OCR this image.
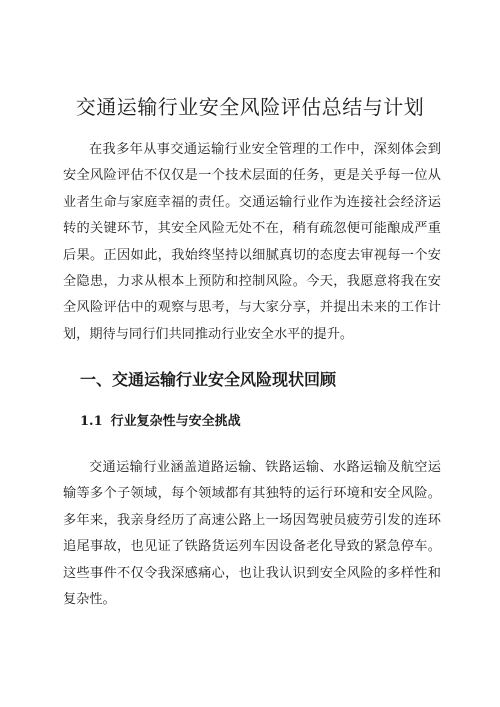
交通运输行业安全风险评估总结与计划

在我多年从事交通运输行业安全管理的工作中，深刻体会到安全风险评估不仅仅是一个技术层面的任务，更是关乎每一位从业者生命与家庭幸福的责任。交通运输行业作为连接社会经济运转的关键环节，其安全风险无处不在，稍有疏忽便可能酿成严重后果。正因如此，我始终坚持以细腻真切的态度去审视每一个安全隐患，力求从根本上预防和控制风险。今天，我愿意将我在安全风险评估中的观察与思考，与大家分享，并提出未来的工作计划，期待与同行们共同推动行业安全水平的提升。

一、交通运输行业安全风险现状回顾
1.1 行业复杂性与安全挑战

交通运输行业涵盖道路运输、铁路运输、水路运输及航空运输等多个子领域，每个领域都有其独特的运行环境和安全风险。多年来，我亲身经历了高速公路上一场因驾驶员疲劳引发的连环追尾事故，也见证了铁路货运列车因设备老化导致的紧急停车。这些事件不仅令我深感痛心，也让我认识到安全风险的多样性和复杂性。
